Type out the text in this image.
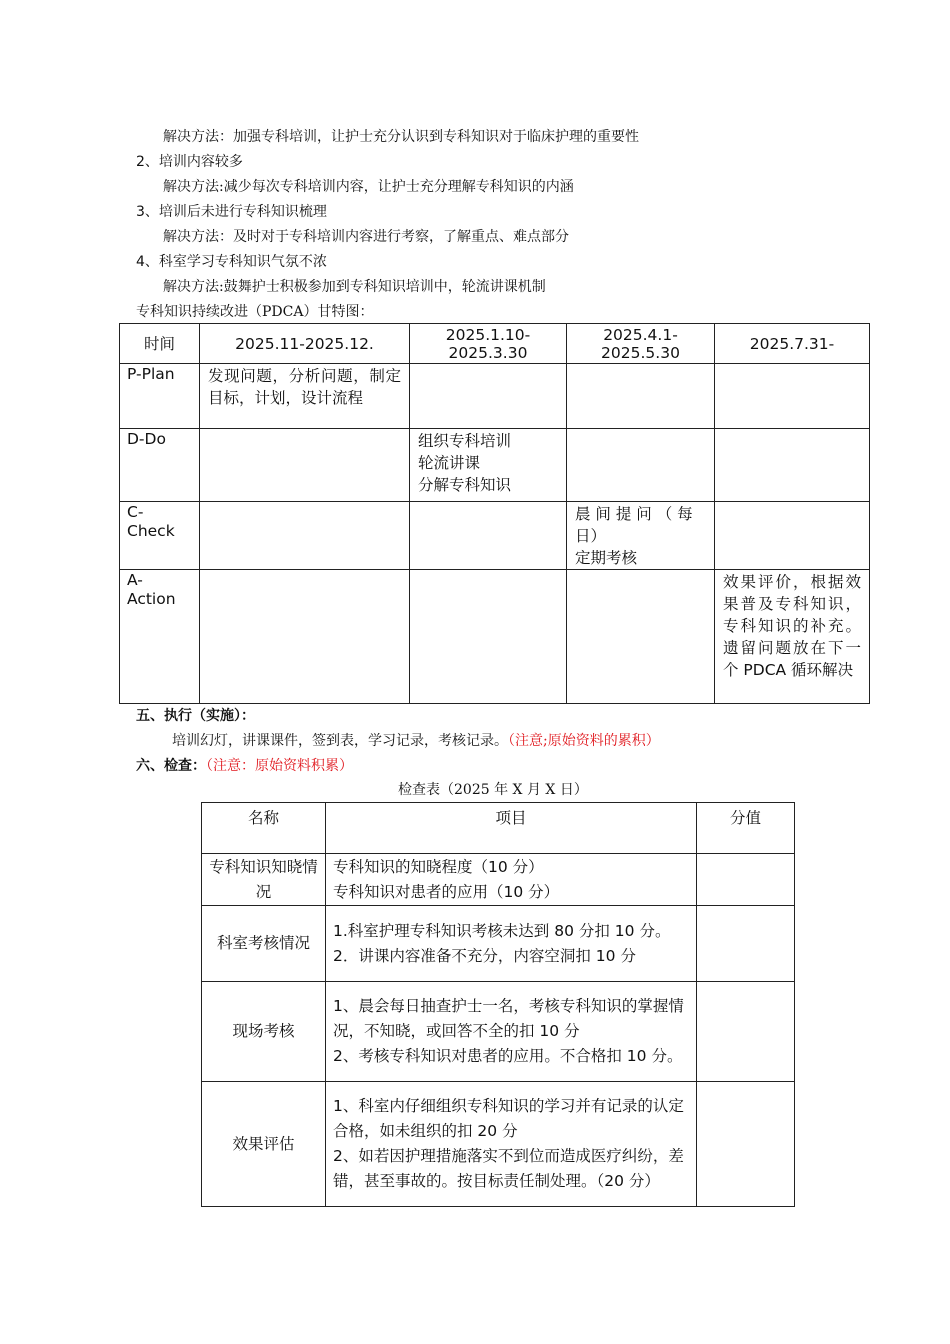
解决方法：加强专科培训，让护士充分认识到专科知识对于临床护理的重要性
2、培训内容较多
解决方法:减少每次专科培训内容，让护士充分理解专科知识的内涵
3、培训后未进行专科知识梳理
解决方法：及时对于专科培训内容进行考察，了解重点、难点部分
4、科室学习专科知识气氛不浓
解决方法:鼓舞护士积极参加到专科知识培训中，轮流讲课机制
专科知识持续改进（PDCA）甘特图：
时间	2025.11-2025.12.	2025.1.10-2025.3.30	2025.4.1-2025.5.30	2025.7.31-
P-Plan	发现问题，分析问题，制定目标，计划，设计流程			
D-Do		组织专科培训
轮流讲课
分解专科知识		

C-
Check			晨 间 提 问 （ 每 日）
定期考核	

A-
Action				效果评价，根据效果普及专科知识，专科知识的补充。遗留问题放在下一个 PDCA 循环解决
五、执行（实施）：
培训幻灯，讲课课件，签到表，学习记录，考核记录。（注意;原始资料的累积）
六、检查：（注意：原始资料积累）
检查表（2025 年 X 月 X 日）
名称	项目	分值
专科知识知晓情况	专科知识的知晓程度（10 分）
专科知识对患者的应用（10 分）	

科室考核情况	1.科室护理专科知识考核未达到 80 分扣 10 分。
2．讲课内容准备不充分，内容空洞扣 10 分	

现场考核	1、晨会每日抽查护士一名，考核专科知识的掌握情况，不知晓，或回答不全的扣 10 分
2、考核专科知识对患者的应用。不合格扣 10 分。	

效果评估	1、科室内仔细组织专科知识的学习并有记录的认定合格，如未组织的扣 20 分
2、如若因护理措施落实不到位而造成医疗纠纷，差错，甚至事故的。按目标责任制处理。（20 分）	
